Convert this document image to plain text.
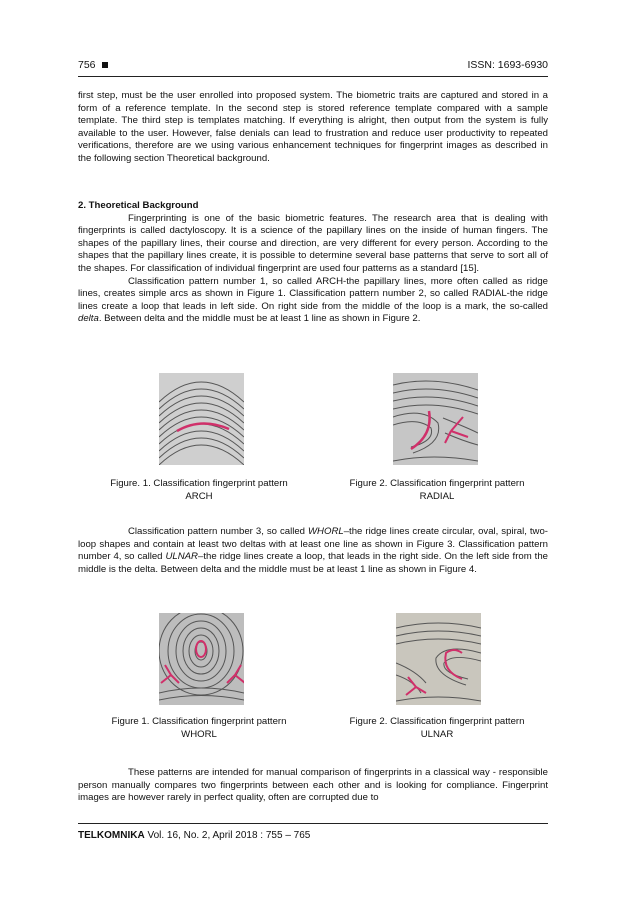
756	ISSN: 1693-6930

first step, must be the user enrolled into proposed system. The biometric traits are captured and stored in a form of a reference template. In the second step is stored reference template compared with a sample template. The third step is templates matching. If everything is alright, then output from the system is fully available to the user. However, false denials can lead to frustration and reduce user productivity to repeated verifications, therefore are we using various enhancement techniques for fingerprint images as described in the following section Theoretical background.

2. Theoretical Background

Fingerprinting is one of the basic biometric features. The research area that is dealing with fingerprints is called dactyloscopy. It is a science of the papillary lines on the inside of human fingers. The shapes of the papillary lines, their course and direction, are very different for every person. According to the shapes that the papillary lines create, it is possible to determine several base patterns that serve to sort all of the shapes. For classification of individual fingerprint are used four patterns as a standard [15].

Classification pattern number 1, so called ARCH-the papillary lines, more often called as ridge lines, creates simple arcs as shown in Figure 1. Classification pattern number 2, so called RADIAL-the ridge lines create a loop that leads in left side. On right side from the middle of the loop is a mark, the so-called delta. Between delta and the middle must be at least 1 line as shown in Figure 2.

Figure. 1. Classification fingerprint pattern
ARCH
Figure 2. Classification fingerprint pattern
RADIAL

Classification pattern number 3, so called WHORL–the ridge lines create circular, oval, spiral, two-loop shapes and contain at least two deltas with at least one line as shown in Figure 3. Classification pattern number 4, so called ULNAR–the ridge lines create a loop, that leads in the right side. On the left side from the middle is the delta. Between delta and the middle must be at least 1 line as shown in Figure 4.

Figure 1. Classification fingerprint pattern
WHORL
Figure 2. Classification fingerprint pattern
ULNAR

These patterns are intended for manual comparison of fingerprints in a classical way - responsible person manually compares two fingerprints between each other and is looking for compliance. Fingerprint images are however rarely in perfect quality, often are corrupted due to

TELKOMNIKA Vol. 16, No. 2, April 2018 : 755 – 765
